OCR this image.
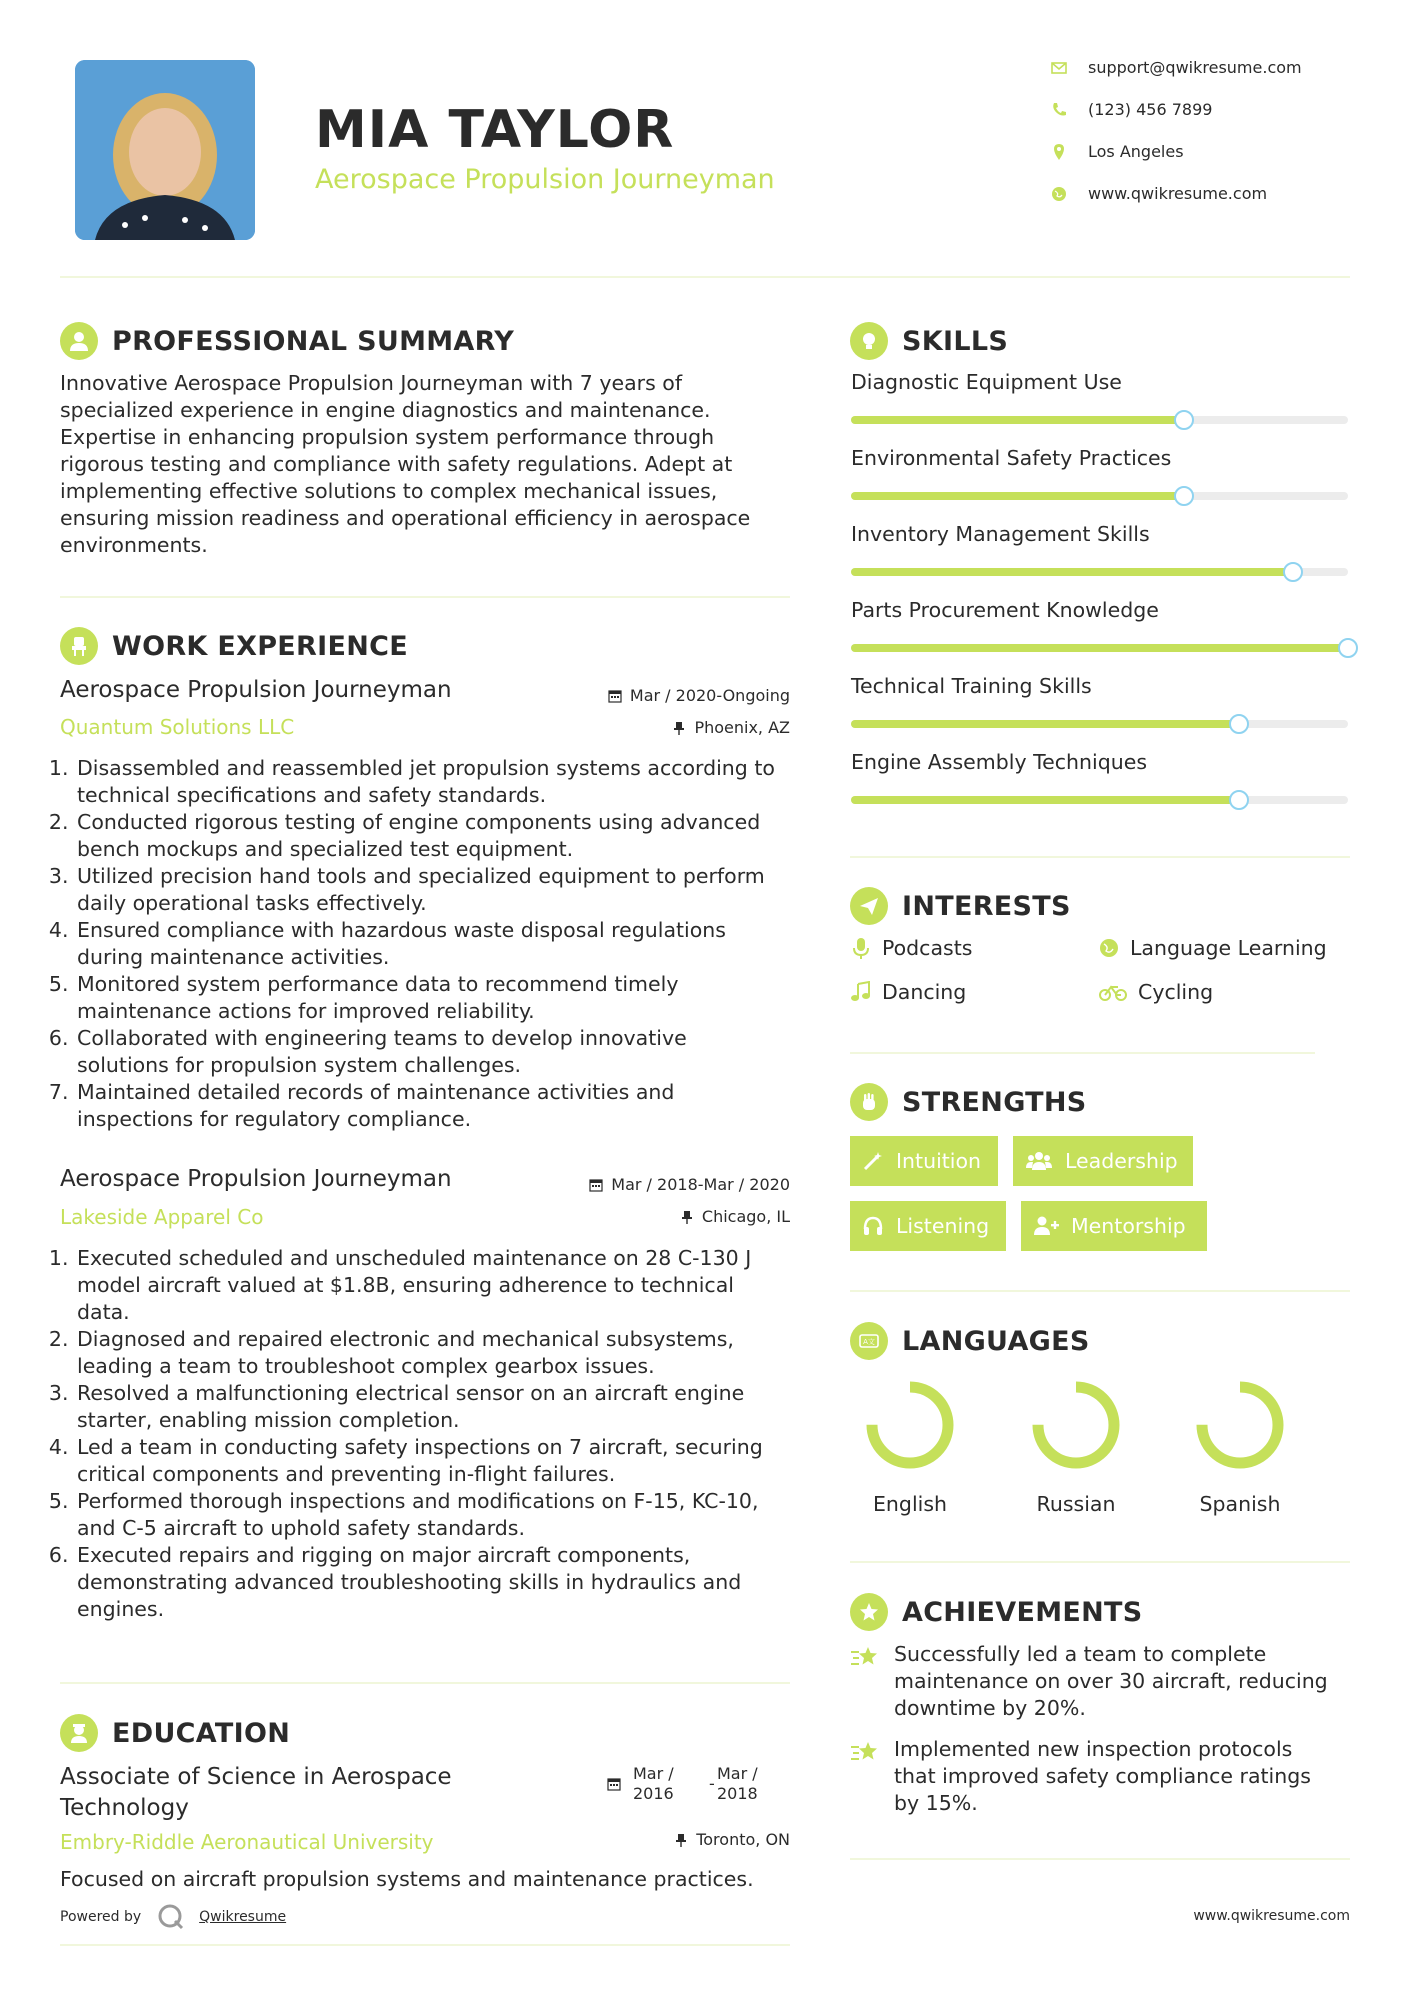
MIA TAYLOR
Aerospace Propulsion Journeyman
support@qwikresume.com
(123) 456 7899
Los Angeles
www.qwikresume.com
PROFESSIONAL SUMMARY
Innovative Aerospace Propulsion Journeyman with 7 years of
specialized experience in engine diagnostics and maintenance.
Expertise in enhancing propulsion system performance through
rigorous testing and compliance with safety regulations. Adept at
implementing effective solutions to complex mechanical issues,
ensuring mission readiness and operational efficiency in aerospace
environments.
WORK EXPERIENCE
Aerospace Propulsion Journeyman	Mar / 2020-Ongoing
Quantum Solutions LLC	Phoenix, AZ
1. Disassembled and reassembled jet propulsion systems according to
technical specifications and safety standards.
2. Conducted rigorous testing of engine components using advanced
bench mockups and specialized test equipment.
3. Utilized precision hand tools and specialized equipment to perform
daily operational tasks effectively.
4. Ensured compliance with hazardous waste disposal regulations
during maintenance activities.
5. Monitored system performance data to recommend timely
maintenance actions for improved reliability.
6. Collaborated with engineering teams to develop innovative
solutions for propulsion system challenges.
7. Maintained detailed records of maintenance activities and
inspections for regulatory compliance.
Aerospace Propulsion Journeyman	Mar / 2018-Mar / 2020
Lakeside Apparel Co	Chicago, IL
1. Executed scheduled and unscheduled maintenance on 28 C-130 J
model aircraft valued at $1.8B, ensuring adherence to technical
data.
2. Diagnosed and repaired electronic and mechanical subsystems,
leading a team to troubleshoot complex gearbox issues.
3. Resolved a malfunctioning electrical sensor on an aircraft engine
starter, enabling mission completion.
4. Led a team in conducting safety inspections on 7 aircraft, securing
critical components and preventing in-flight failures.
5. Performed thorough inspections and modifications on F-15, KC-10,
and C-5 aircraft to uphold safety standards.
6. Executed repairs and rigging on major aircraft components,
demonstrating advanced troubleshooting skills in hydraulics and
engines.
EDUCATION
Associate of Science in Aerospace
Technology
Mar /
2016
-
Mar /
2018
Embry-Riddle Aeronautical University	Toronto, ON
Focused on aircraft propulsion systems and maintenance practices.
Powered by	Qwikresume	www.qwikresume.com
SKILLS
Diagnostic Equipment Use
Environmental Safety Practices
Inventory Management Skills
Parts Procurement Knowledge
Technical Training Skills
Engine Assembly Techniques
INTERESTS
Podcasts	Language Learning
Dancing	Cycling
STRENGTHS
Intuition	Leadership
Listening	Mentorship
A文 LANGUAGES
English	Russian	Spanish
ACHIEVEMENTS
Successfully led a team to complete
maintenance on over 30 aircraft, reducing
downtime by 20%.
Implemented new inspection protocols
that improved safety compliance ratings
by 15%.
